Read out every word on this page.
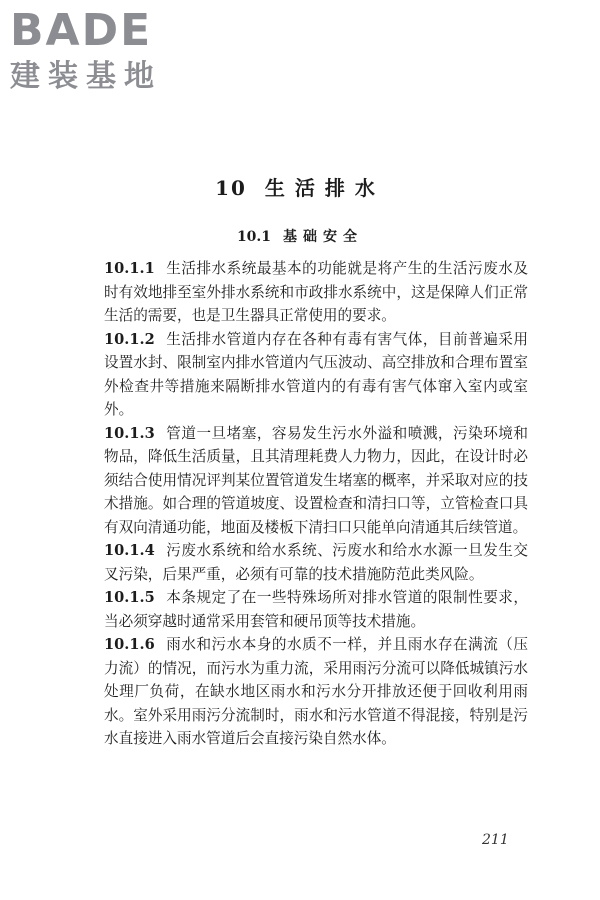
BADE
建装基地
10 生活排水
10.1 基础安全

10.1.1 生活排水系统最基本的功能就是将产生的生活污废水及时有效地排至室外排水系统和市政排水系统中，这是保障人们正常生活的需要，也是卫生器具正常使用的要求。

10.1.2 生活排水管道内存在各种有毒有害气体，目前普遍采用设置水封、限制室内排水管道内气压波动、高空排放和合理布置室外检查井等措施来隔断排水管道内的有毒有害气体窜入室内或室外。

10.1.3 管道一旦堵塞，容易发生污水外溢和喷溅，污染环境和物品，降低生活质量，且其清理耗费人力物力，因此，在设计时必须结合使用情况评判某位置管道发生堵塞的概率，并采取对应的技术措施。如合理的管道坡度、设置检查和清扫口等，立管检查口具有双向清通功能，地面及楼板下清扫口只能单向清通其后续管道。

10.1.4 污废水系统和给水系统、污废水和给水水源一旦发生交叉污染，后果严重，必须有可靠的技术措施防范此类风险。

10.1.5 本条规定了在一些特殊场所对排水管道的限制性要求，当必须穿越时通常采用套管和硬吊顶等技术措施。

10.1.6 雨水和污水本身的水质不一样，并且雨水存在满流（压力流）的情况，而污水为重力流，采用雨污分流可以降低城镇污水处理厂负荷，在缺水地区雨水和污水分开排放还便于回收利用雨水。室外采用雨污分流制时，雨水和污水管道不得混接，特别是污水直接进入雨水管道后会直接污染自然水体。

211
